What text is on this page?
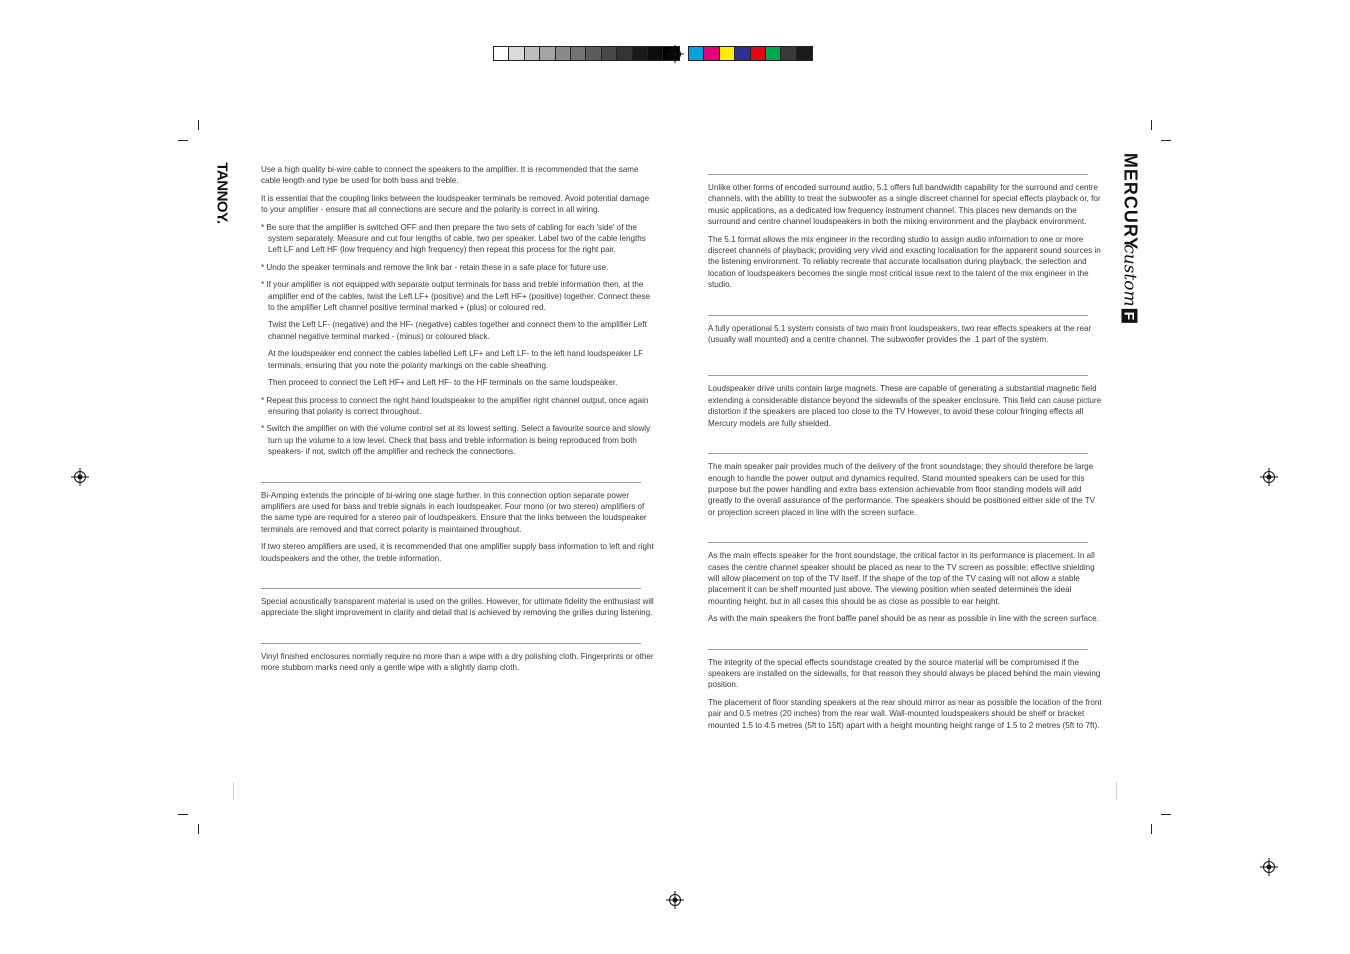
TANNOY.	MERCURY
custom
F

Use a high quality bi-wire cable to connect the speakers to the amplifier. It is recommended that the same cable length and type be used for both bass and treble.

It is essential that the coupling links between the loudspeaker terminals be removed. Avoid potential damage to your amplifier - ensure that all connections are secure and the polarity is correct in all wiring.

* Be sure that the amplifier is switched OFF and then prepare the two sets of cabling for each 'side' of the system separately. Measure and cut four lengths of cable, two per speaker. Label two of the cable lengths Left LF and Left HF (low frequency and high frequency) then repeat this process for the right pair.

* Undo the speaker terminals and remove the link bar - retain these in a safe place for future use.

* If your amplifier is not equipped with separate output terminals for bass and treble information then, at the amplifier end of the cables, twist the Left LF+ (positive) and the Left HF+ (positive) together. Connect these to the amplifier Left channel positive terminal marked + (plus) or coloured red.

Twist the Left LF- (negative) and the HF- (negative) cables together and connect them to the amplifier Left channel negative terminal marked - (minus) or coloured black.

At the loudspeaker end connect the cables labelled Left LF+ and Left LF- to the left hand loudspeaker LF terminals, ensuring that you note the polarity markings on the cable sheathing.

Then proceed to connect the Left HF+ and Left HF- to the HF terminals on the same loudspeaker.

* Repeat this process to connect the right hand loudspeaker to the amplifier right channel output, once again ensuring that polarity is correct throughout.

* Switch the amplifier on with the volume control set at its lowest setting. Select a favourite source and slowly turn up the volume to a low level. Check that bass and treble information is being reproduced from both speakers- if not, switch off the amplifier and recheck the connections.

Bi-Amping extends the principle of bi-wiring one stage further. In this connection option separate power amplifiers are used for bass and treble signals in each loudspeaker. Four mono (or two stereo) amplifiers of the same type are required for a stereo pair of loudspeakers. Ensure that the links between the loudspeaker terminals are removed and that correct polarity is maintained throughout.

If two stereo amplifiers are used, it is recommended that one amplifier supply bass information to left and right loudspeakers and the other, the treble information.

Special acoustically transparent material is used on the grilles. However, for ultimate fidelity the enthusiast will appreciate the slight improvement in clarity and detail that is achieved by removing the grilles during listening.

Vinyl finished enclosures normally require no more than a wipe with a dry polishing cloth. Fingerprints or other more stubborn marks need only a gentle wipe with a slightly damp cloth.

Unlike other forms of encoded surround audio, 5.1 offers full bandwidth capability for the surround and centre channels, with the ability to treat the subwoofer as a single discreet channel for special effects playback or, for music applications, as a dedicated low frequency instrument channel. This places new demands on the surround and centre channel loudspeakers in both the mixing environment and the playback environment.

The 5.1 format allows the mix engineer in the recording studio to assign audio information to one or more discreet channels of playback; providing very vivid and exacting localisation for the apparent sound sources in the listening environment. To reliably recreate that accurate localisation during playback, the selection and location of loudspeakers becomes the single most critical issue next to the talent of the mix engineer in the studio.

A fully operational 5.1 system consists of two main front loudspeakers, two rear effects speakers at the rear (usually wall mounted) and a centre channel. The subwoofer provides the .1 part of the system.

Loudspeaker drive units contain large magnets. These are capable of generating a substantial magnetic field extending a considerable distance beyond the sidewalls of the speaker enclosure. This field can cause picture distortion if the speakers are placed too close to the TV However, to avoid these colour fringing effects all Mercury models are fully shielded.

The main speaker pair provides much of the delivery of the front soundstage; they should therefore be large enough to handle the power output and dynamics required. Stand mounted speakers can be used for this purpose but the power handling and extra bass extension achievable from floor standing models will add greatly to the overall assurance of the performance. The speakers should be positioned either side of the TV or projection screen placed in line with the screen surface.

As the main effects speaker for the front soundstage, the critical factor in its performance is placement. In all cases the centre channel speaker should be placed as near to the TV screen as possible; effective shielding will allow placement on top of the TV itself. If the shape of the top of the TV casing will not allow a stable placement it can be shelf mounted just above. The viewing position when seated determines the ideal mounting height, but in all cases this should be as close as possible to ear height.

As with the main speakers the front baffle panel should be as near as possible in line with the screen surface.

The integrity of the special effects soundstage created by the source material will be compromised if the speakers are installed on the sidewalls, for that reason they should always be placed behind the main viewing position.

The placement of floor standing speakers at the rear should mirror as near as possible the location of the front pair and 0.5 metres (20 inches) from the rear wall. Wall-mounted loudspeakers should be shelf or bracket mounted 1.5 to 4.5 metres (5ft to 15ft) apart with a height mounting height range of 1.5 to 2 metres (5ft to 7ft).
